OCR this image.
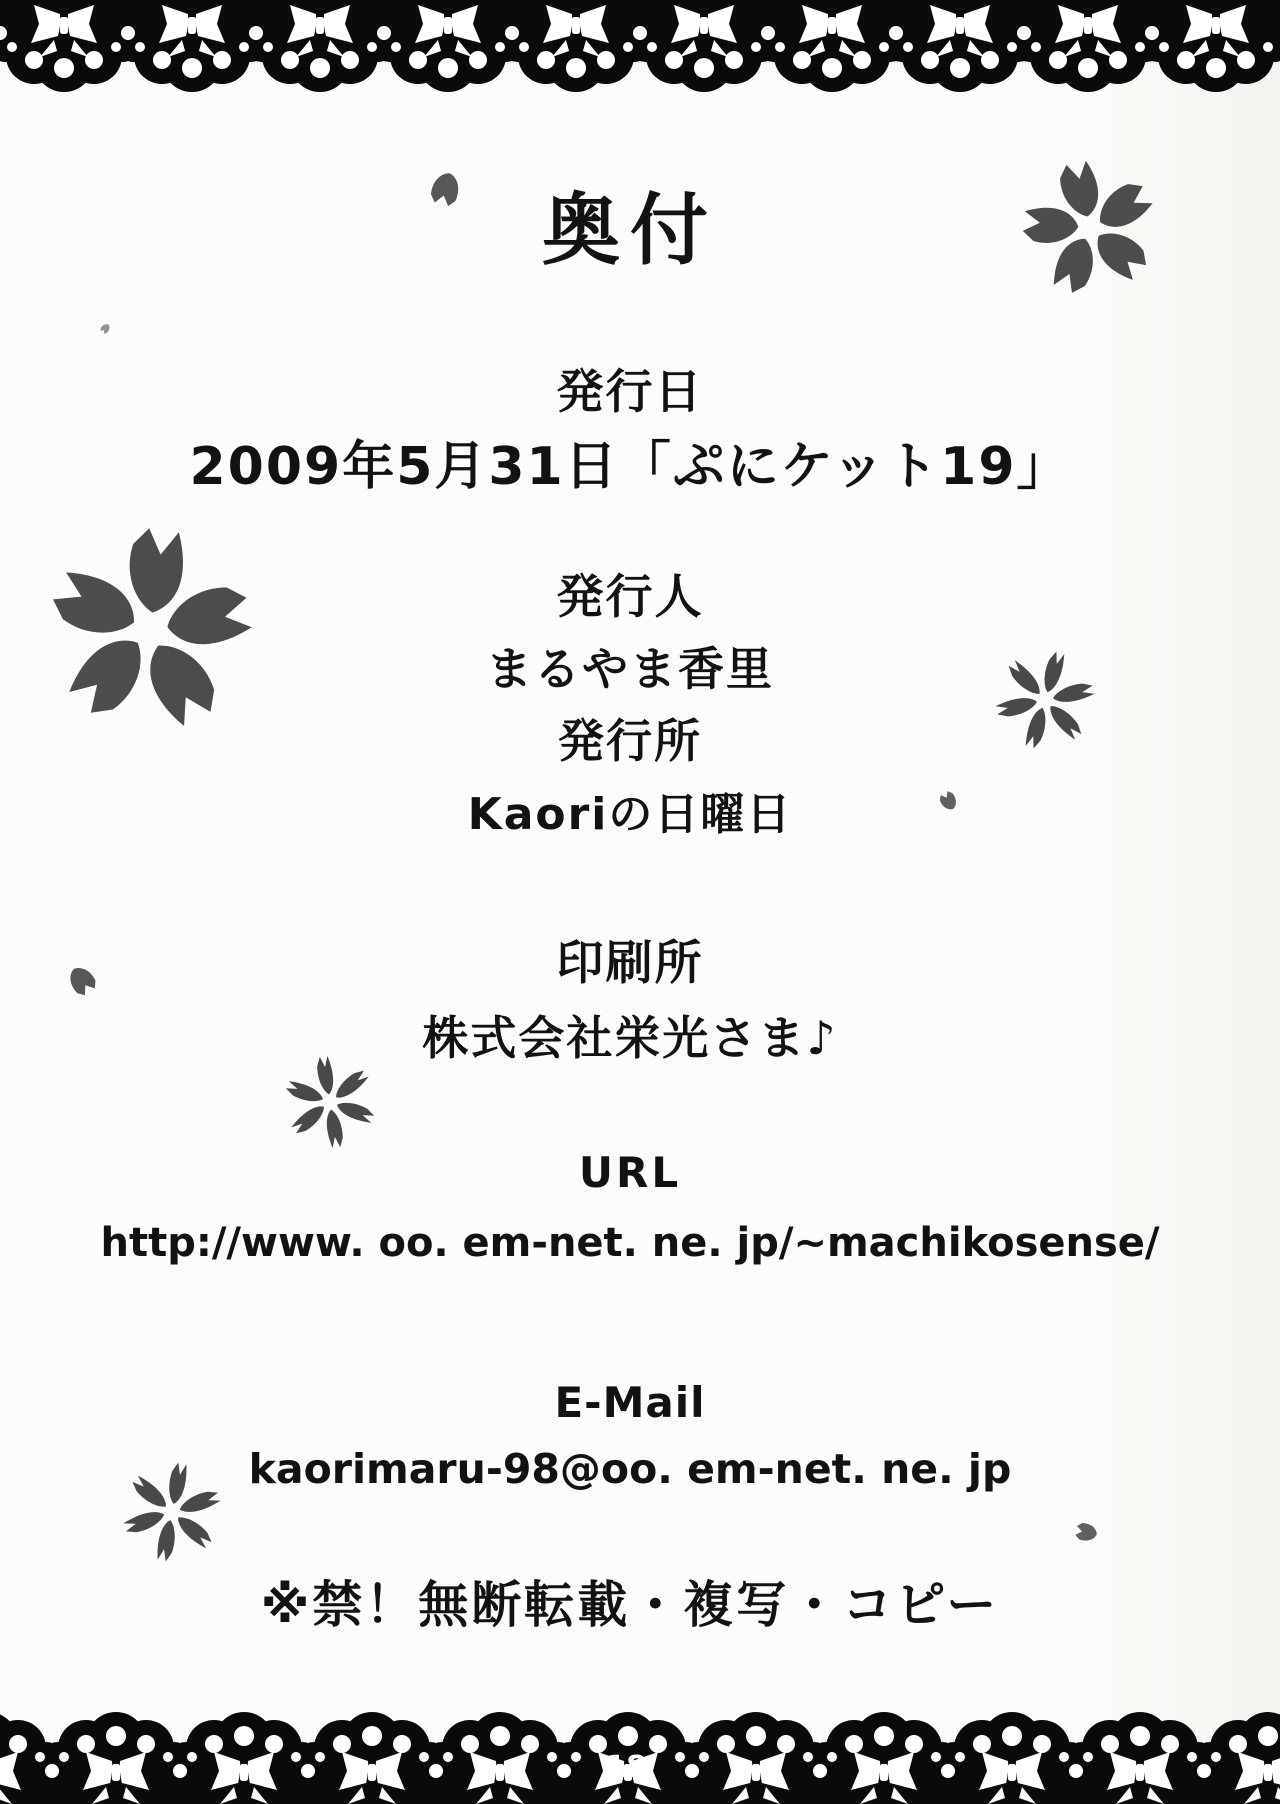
奥付
発行日
2009年5月31日「ぷにケット19」
発行人
まるやま香里
発行所
Kaoriの日曜日
印刷所
株式会社栄光さま♪
URL
http://www. oo. em-net. ne. jp/~machikosense/
E-Mail
kaorimaru-98@oo. em-net. ne. jp
※禁！無断転載・複写・コピー
18
